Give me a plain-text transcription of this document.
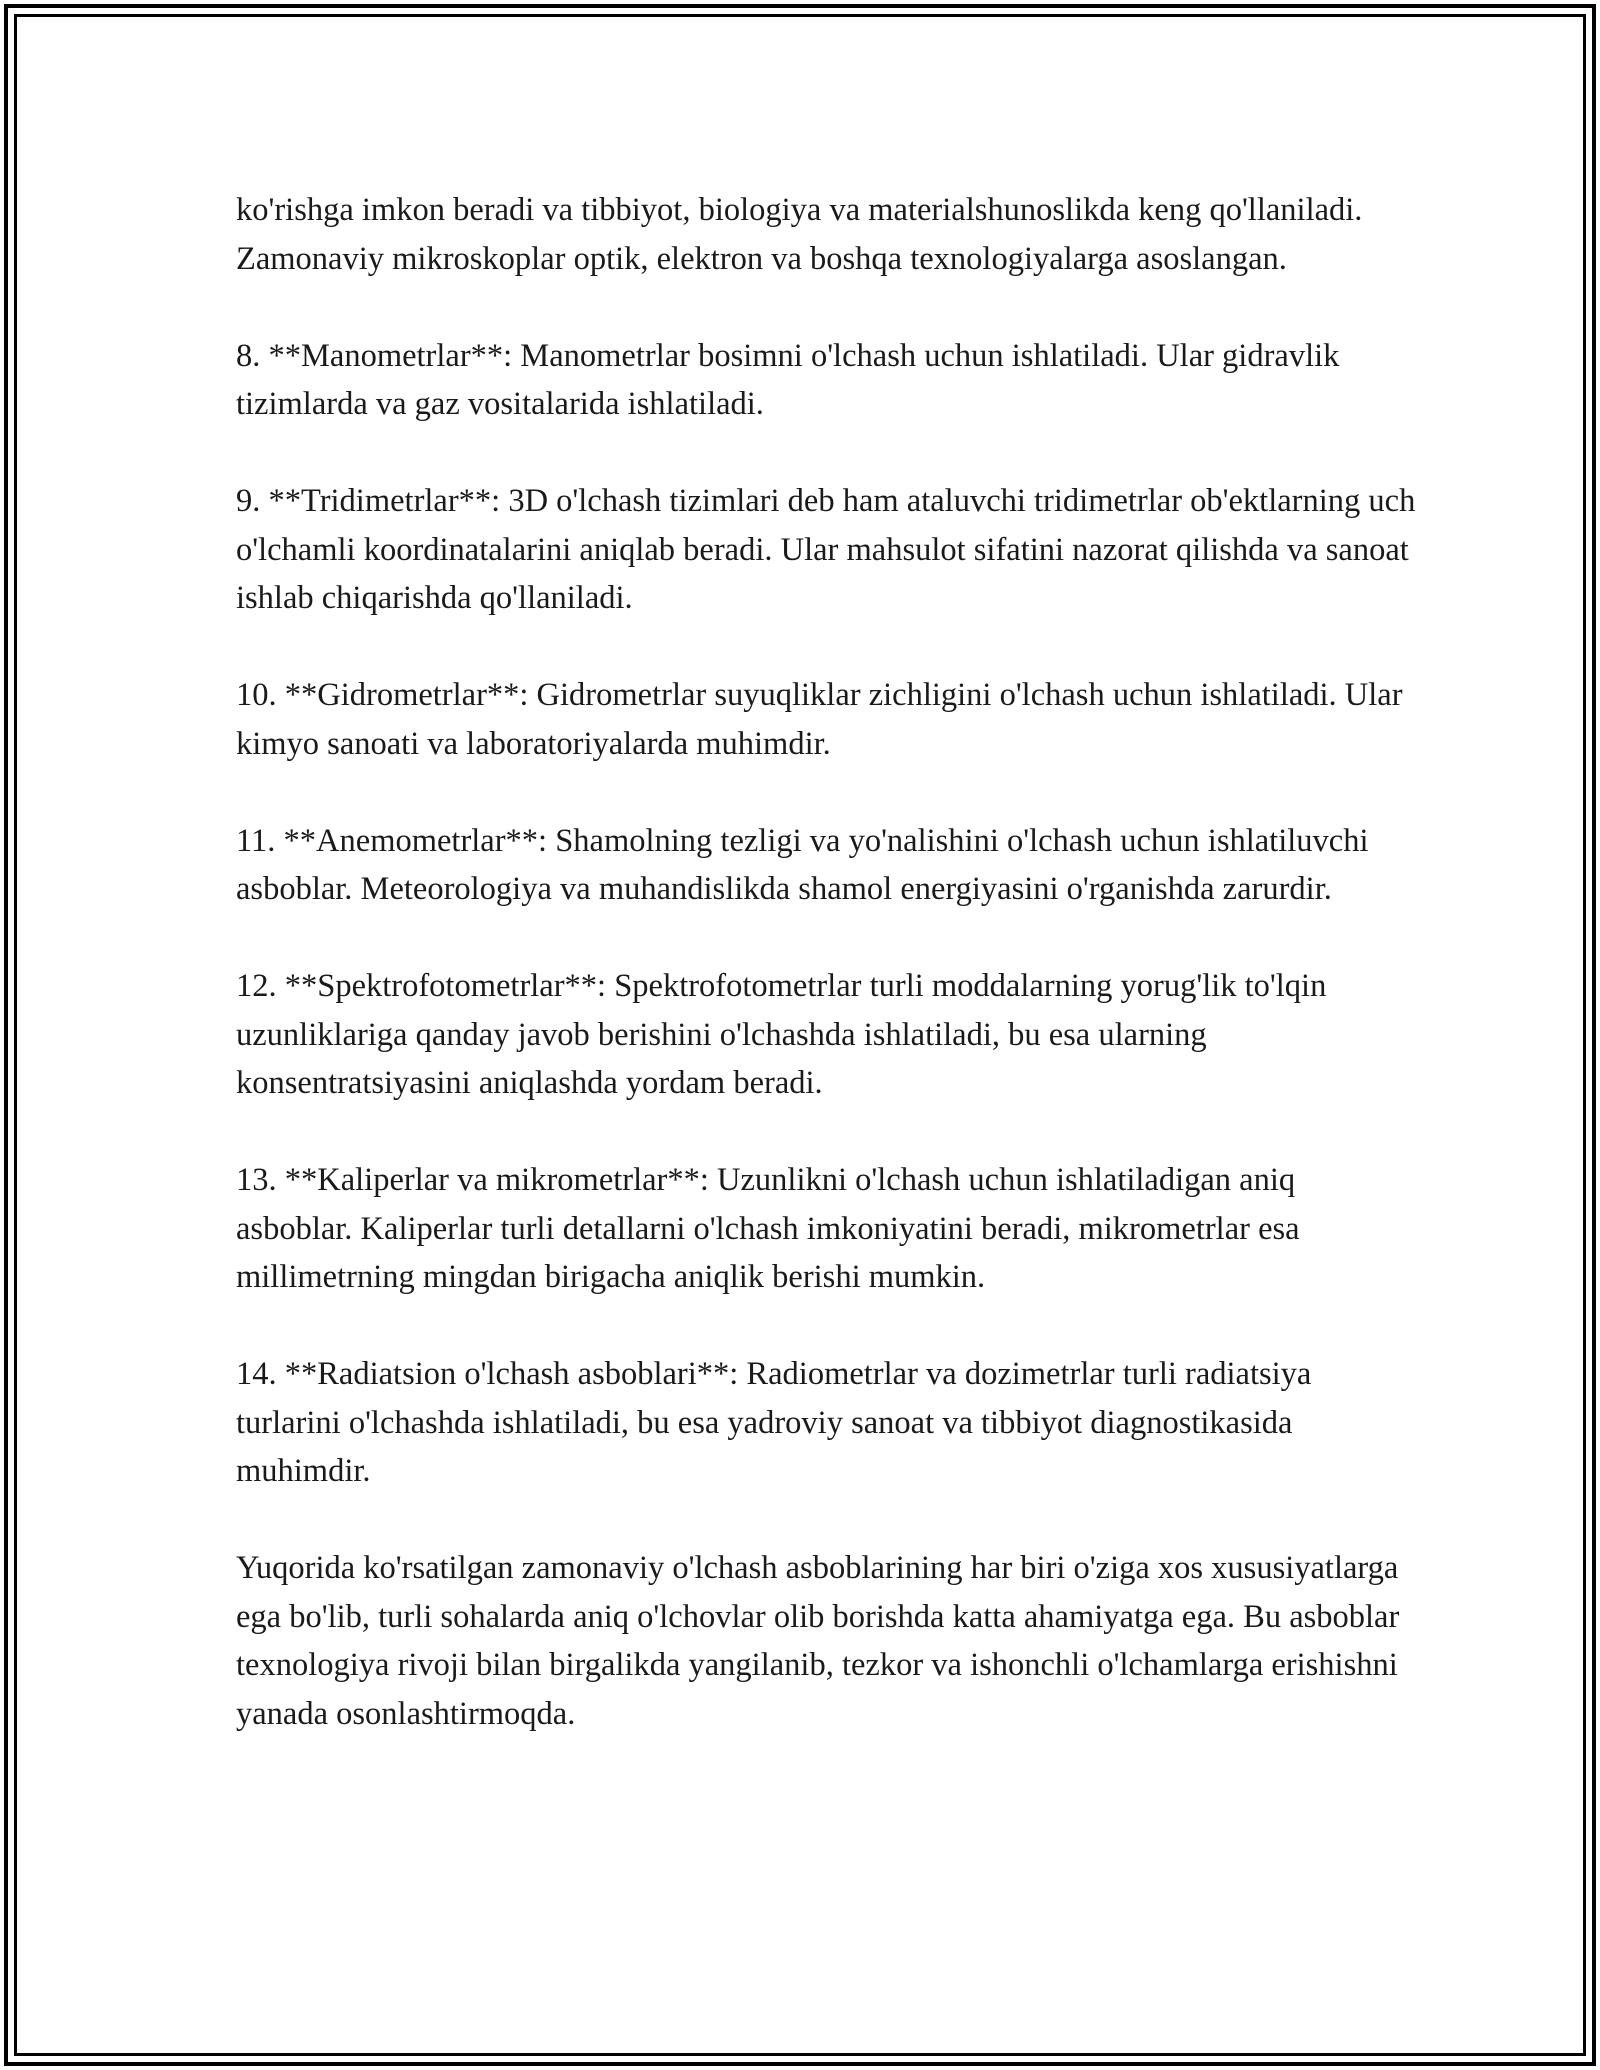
ko'rishga imkon beradi va tibbiyot, biologiya va materialshunoslikda keng qo'llaniladi. Zamonaviy mikroskoplar optik, elektron va boshqa texnologiyalarga asoslangan.

8. **Manometrlar**: Manometrlar bosimni o'lchash uchun ishlatiladi. Ular gidravlik tizimlarda va gaz vositalarida ishlatiladi.

9. **Tridimetrlar**: 3D o'lchash tizimlari deb ham ataluvchi tridimetrlar ob'ektlarning uch o'lchamli koordinatalarini aniqlab beradi. Ular mahsulot sifatini nazorat qilishda va sanoat ishlab chiqarishda qo'llaniladi.

10. **Gidrometrlar**: Gidrometrlar suyuqliklar zichligini o'lchash uchun ishlatiladi. Ular kimyo sanoati va laboratoriyalarda muhimdir.

11. **Anemometrlar**: Shamolning tezligi va yo'nalishini o'lchash uchun ishlatiluvchi asboblar. Meteorologiya va muhandislikda shamol energiyasini o'rganishda zarurdir.

12. **Spektrofotometrlar**: Spektrofotometrlar turli moddalarning yorug'lik to'lqin uzunliklariga qanday javob berishini o'lchashda ishlatiladi, bu esa ularning konsentratsiyasini aniqlashda yordam beradi.

13. **Kaliperlar va mikrometrlar**: Uzunlikni o'lchash uchun ishlatiladigan aniq asboblar. Kaliperlar turli detallarni o'lchash imkoniyatini beradi, mikrometrlar esa millimetrning mingdan birigacha aniqlik berishi mumkin.

14. **Radiatsion o'lchash asboblari**: Radiometrlar va dozimetrlar turli radiatsiya turlarini o'lchashda ishlatiladi, bu esa yadroviy sanoat va tibbiyot diagnostikasida muhimdir.

Yuqorida ko'rsatilgan zamonaviy o'lchash asboblarining har biri o'ziga xos xususiyatlarga ega bo'lib, turli sohalarda aniq o'lchovlar olib borishda katta ahamiyatga ega. Bu asboblar texnologiya rivoji bilan birgalikda yangilanib, tezkor va ishonchli o'lchamlarga erishishni yanada osonlashtirmoqda.
